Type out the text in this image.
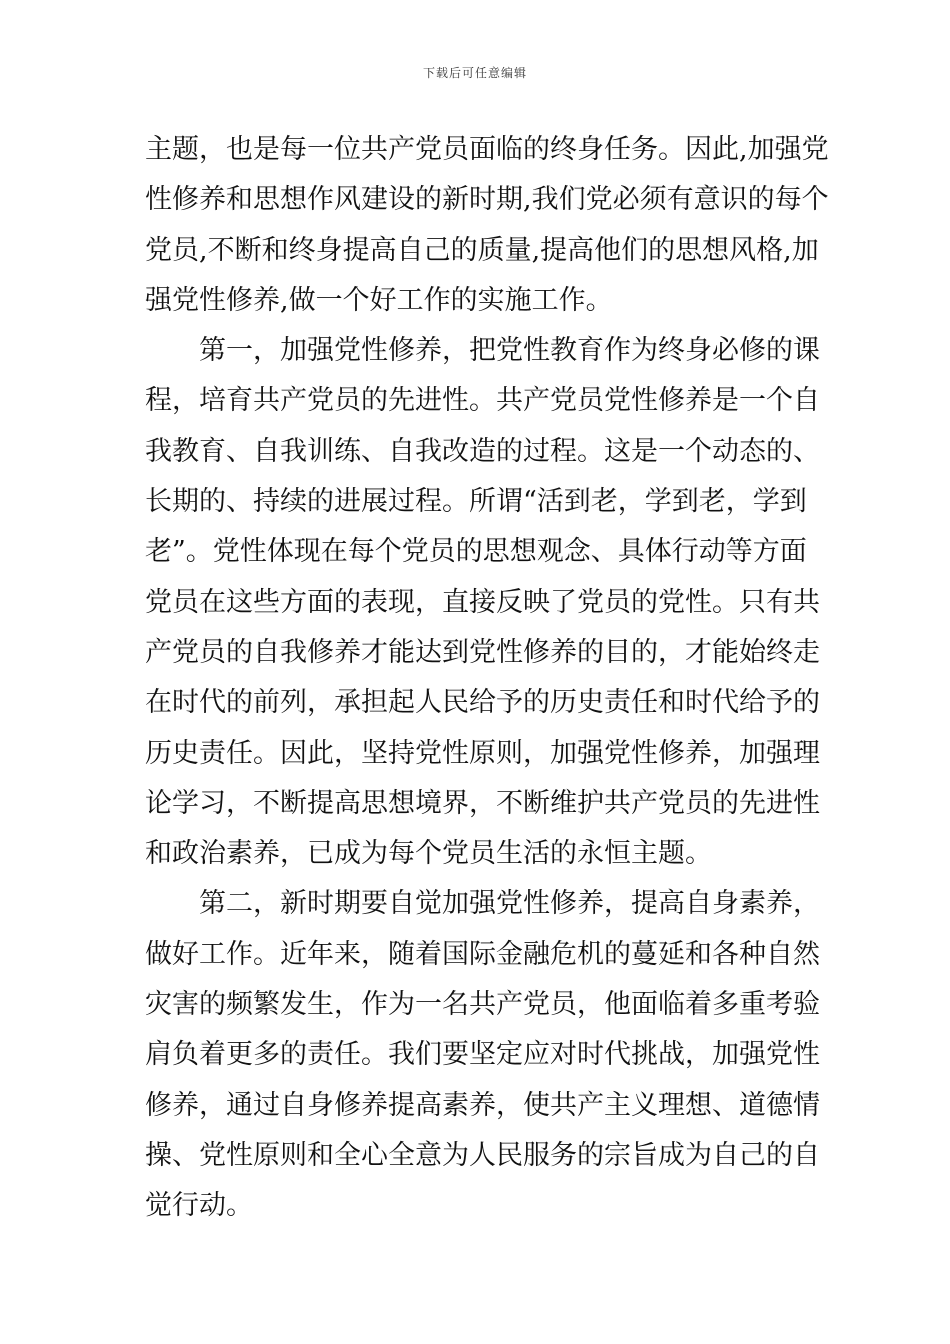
下载后可任意编辑
主题，也是每一位共产党员面临的终身任务。因此,加强党
性修养和思想作风建设的新时期,我们党必须有意识的每个
党员,不断和终身提高自己的质量,提高他们的思想风格,加
强党性修养,做一个好工作的实施工作。
第一，加强党性修养，把党性教育作为终身必修的课
程，培育共产党员的先进性。共产党员党性修养是一个自
我教育、自我训练、自我改造的过程。这是一个动态的、
长期的、持续的进展过程。所谓“活到老，学到老，学到
老”。党性体现在每个党员的思想观念、具体行动等方面
党员在这些方面的表现，直接反映了党员的党性。只有共
产党员的自我修养才能达到党性修养的目的，才能始终走
在时代的前列，承担起人民给予的历史责任和时代给予的
历史责任。因此，坚持党性原则，加强党性修养，加强理
论学习，不断提高思想境界，不断维护共产党员的先进性
和政治素养，已成为每个党员生活的永恒主题。
第二，新时期要自觉加强党性修养，提高自身素养，
做好工作。近年来，随着国际金融危机的蔓延和各种自然
灾害的频繁发生，作为一名共产党员，他面临着多重考验
肩负着更多的责任。我们要坚定应对时代挑战，加强党性
修养，通过自身修养提高素养，使共产主义理想、道德情
操、党性原则和全心全意为人民服务的宗旨成为自己的自
觉行动。
